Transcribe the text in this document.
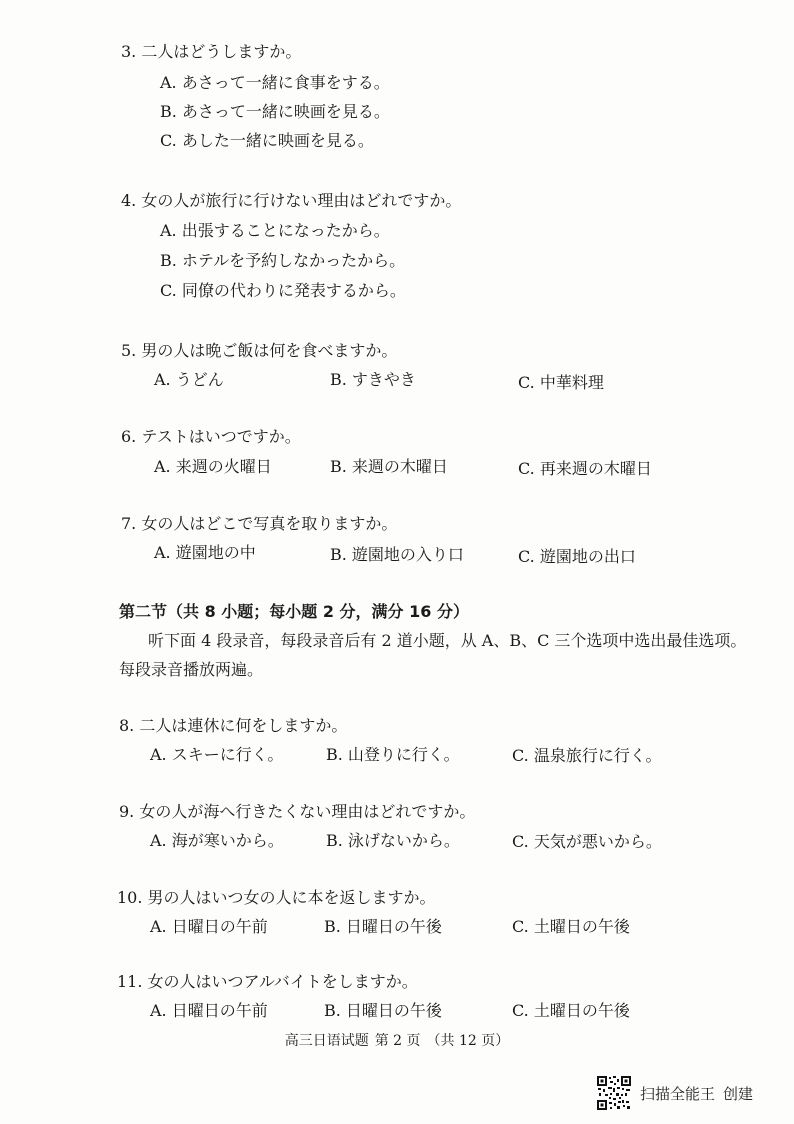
3. 二人はどうしますか。
A. あさって一緒に食事をする。
B. あさって一緒に映画を見る。
C. あした一緒に映画を見る。
4. 女の人が旅行に行けない理由はどれですか。
A. 出張することになったから。
B. ホテルを予約しなかったから。
C. 同僚の代わりに発表するから。
5. 男の人は晩ご飯は何を食べますか。
A. うどん	B. すきやき	C. 中華料理
6. テストはいつですか。
A. 来週の火曜日	B. 来週の木曜日	C. 再来週の木曜日
7. 女の人はどこで写真を取りますか。
A. 遊園地の中	B. 遊園地の入り口	C. 遊園地の出口
第二节（共 8 小题；每小题 2 分，满分 16 分）
听下面 4 段录音，每段录音后有 2 道小题，从 A、B、C 三个选项中选出最佳选项。
每段录音播放两遍。
8. 二人は連休に何をしますか。
A. スキーに行く。	B. 山登りに行く。	C. 温泉旅行に行く。
9. 女の人が海へ行きたくない理由はどれですか。
A. 海が寒いから。	B. 泳げないから。	C. 天気が悪いから。
10. 男の人はいつ女の人に本を返しますか。
A. 日曜日の午前	B. 日曜日の午後	C. 土曜日の午後
11. 女の人はいつアルバイトをしますか。
A. 日曜日の午前	B. 日曜日の午後	C. 土曜日の午後
高三日语试题 第 2 页 （共 12 页）
扫描全能王 创建
